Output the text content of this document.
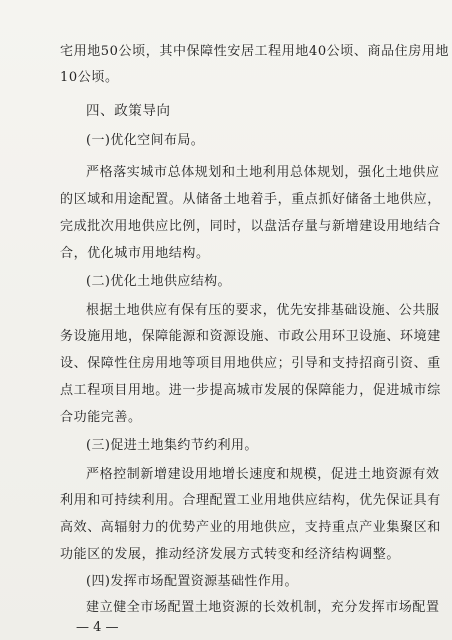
宅用地50公顷，其中保障性安居工程用地40公顷、商品住房用地
10公顷。
四、政策导向
(一)优化空间布局。
严格落实城市总体规划和土地利用总体规划，强化土地供应
的区域和用途配置。从储备土地着手，重点抓好储备土地供应，
完成批次用地供应比例，同时，以盘活存量与新增建设用地结合
合，优化城市用地结构。
(二)优化土地供应结构。
根据土地供应有保有压的要求，优先安排基础设施、公共服
务设施用地，保障能源和资源设施、市政公用环卫设施、环境建
设、保障性住房用地等项目用地供应；引导和支持招商引资、重
点工程项目用地。进一步提高城市发展的保障能力，促进城市综
合功能完善。
(三)促进土地集约节约利用。
严格控制新增建设用地增长速度和规模，促进土地资源有效
利用和可持续利用。合理配置工业用地供应结构，优先保证具有
高效、高辐射力的优势产业的用地供应，支持重点产业集聚区和
功能区的发展，推动经济发展方式转变和经济结构调整。
(四)发挥市场配置资源基础性作用。
建立健全市场配置土地资源的长效机制，充分发挥市场配置
— 4 —
